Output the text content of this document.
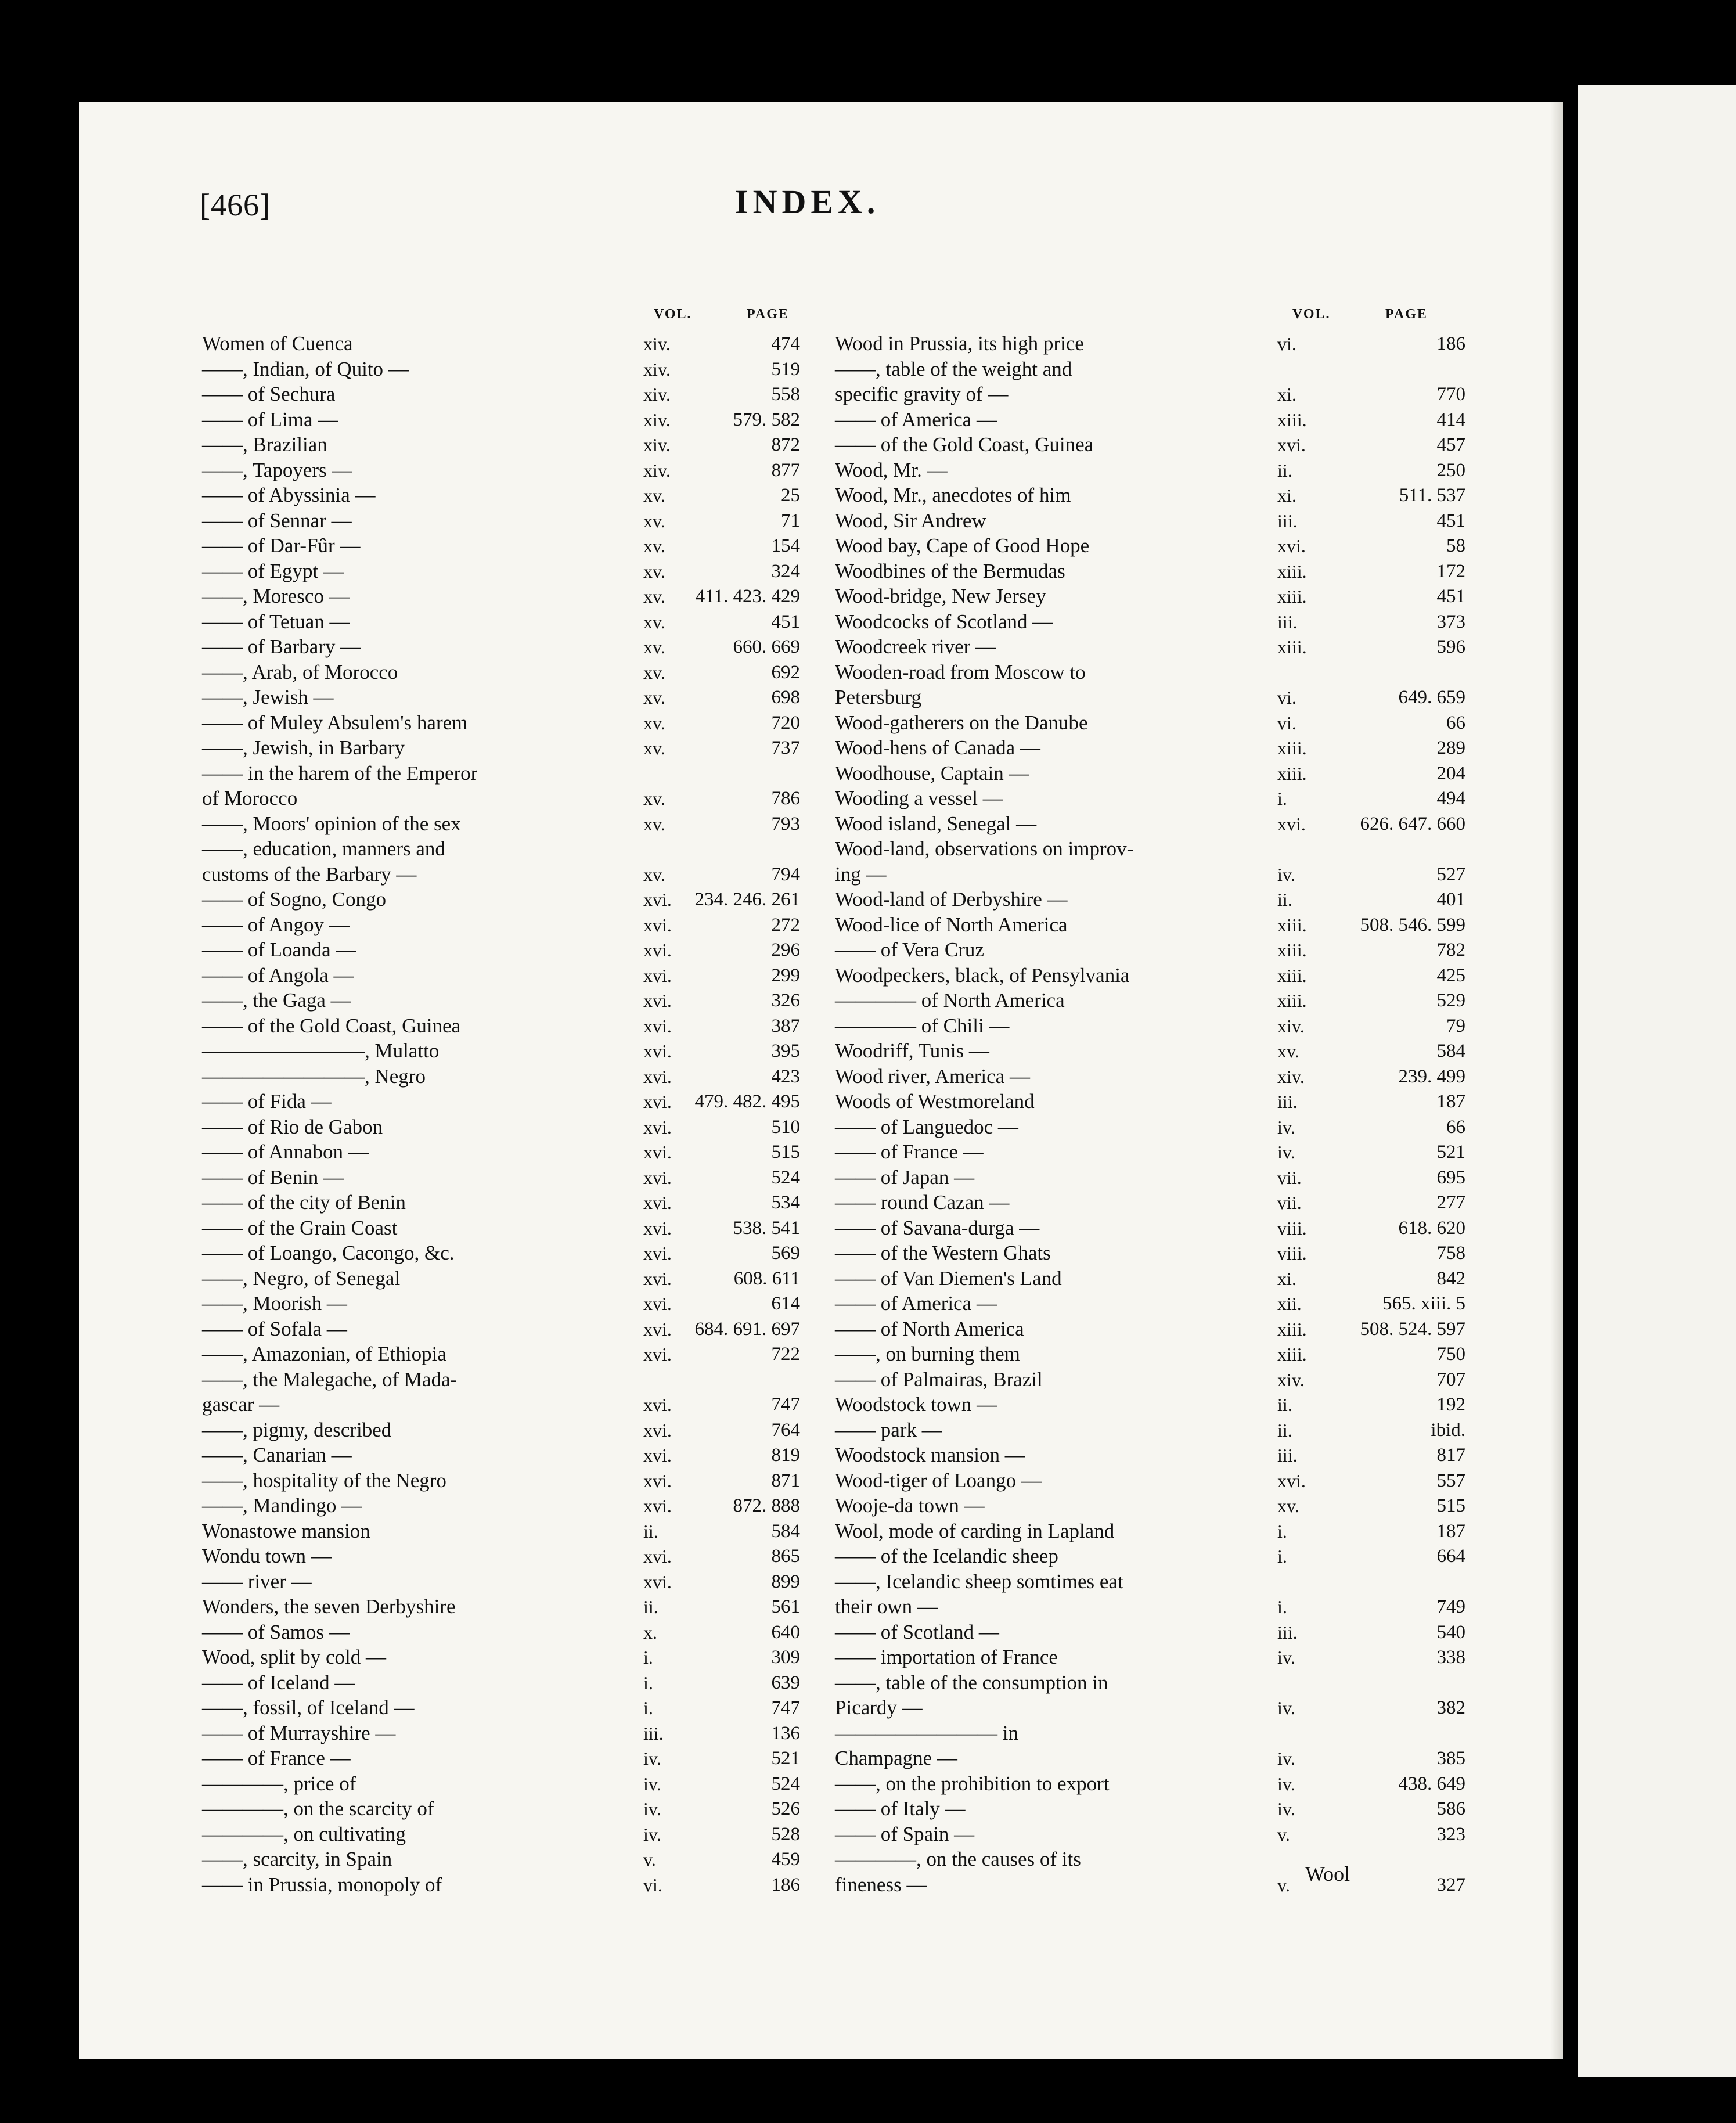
[466]	INDEX.
VOL.	PAGE
Women of Cuenca	xiv.	474
——, Indian, of Quito —	xiv.	519
—— of Sechura	xiv.	558
—— of Lima —	xiv.	579. 582
——, Brazilian	xiv.	872
——, Tapoyers —	xiv.	877
—— of Abyssinia —	xv.	25
—— of Sennar —	xv.	71
—— of Dar-Fûr —	xv.	154
—— of Egypt —	xv.	324
——, Moresco —	xv.	411. 423. 429
—— of Tetuan —	xv.	451
—— of Barbary —	xv.	660. 669
——, Arab, of Morocco	xv.	692
——, Jewish —	xv.	698
—— of Muley Absulem's harem	xv.	720
——, Jewish, in Barbary	xv.	737
—— in the harem of the Emperor
of Morocco	xv.	786
——, Moors' opinion of the sex	xv.	793
——, education, manners and
customs of the Barbary —	xv.	794
—— of Sogno, Congo	xvi.	234. 246. 261
—— of Angoy —	xvi.	272
—— of Loanda —	xvi.	296
—— of Angola —	xvi.	299
——, the Gaga —	xvi.	326
—— of the Gold Coast, Guinea	xvi.	387
————————, Mulatto	xvi.	395
————————, Negro	xvi.	423
—— of Fida —	xvi.	479. 482. 495
—— of Rio de Gabon	xvi.	510
—— of Annabon —	xvi.	515
—— of Benin —	xvi.	524
—— of the city of Benin	xvi.	534
—— of the Grain Coast	xvi.	538. 541
—— of Loango, Cacongo, &c.	xvi.	569
——, Negro, of Senegal	xvi.	608. 611
——, Moorish —	xvi.	614
—— of Sofala —	xvi.	684. 691. 697
——, Amazonian, of Ethiopia	xvi.	722
——, the Malegache, of Mada-
gascar —	xvi.	747
——, pigmy, described	xvi.	764
——, Canarian —	xvi.	819
——, hospitality of the Negro	xvi.	871
——, Mandingo —	xvi.	872. 888
Wonastowe mansion	ii.	584
Wondu town —	xvi.	865
—— river —	xvi.	899
Wonders, the seven Derbyshire	ii.	561
—— of Samos —	x.	640
Wood, split by cold —	i.	309
—— of Iceland —	i.	639
——, fossil, of Iceland —	i.	747
—— of Murrayshire —	iii.	136
—— of France —	iv.	521
————, price of	iv.	524
————, on the scarcity of	iv.	526
————, on cultivating	iv.	528
——, scarcity, in Spain	v.	459
—— in Prussia, monopoly of	vi.	186
VOL.	PAGE
Wood in Prussia, its high price	vi.	186
——, table of the weight and
specific gravity of —	xi.	770
—— of America —	xiii.	414
—— of the Gold Coast, Guinea	xvi.	457
Wood, Mr. —	ii.	250
Wood, Mr., anecdotes of him	xi.	511. 537
Wood, Sir Andrew	iii.	451
Wood bay, Cape of Good Hope	xvi.	58
Woodbines of the Bermudas	xiii.	172
Wood-bridge, New Jersey	xiii.	451
Woodcocks of Scotland —	iii.	373
Woodcreek river —	xiii.	596
Wooden-road from Moscow to
Petersburg	vi.	649. 659
Wood-gatherers on the Danube	vi.	66
Wood-hens of Canada —	xiii.	289
Woodhouse, Captain —	xiii.	204
Wooding a vessel —	i.	494
Wood island, Senegal —	xvi.	626. 647. 660
Wood-land, observations on improv-
ing —	iv.	527
Wood-land of Derbyshire —	ii.	401
Wood-lice of North America	xiii.	508. 546. 599
—— of Vera Cruz	xiii.	782
Woodpeckers, black, of Pensylvania	xiii.	425
———— of North America	xiii.	529
———— of Chili —	xiv.	79
Woodriff, Tunis —	xv.	584
Wood river, America —	xiv.	239. 499
Woods of Westmoreland	iii.	187
—— of Languedoc —	iv.	66
—— of France —	iv.	521
—— of Japan —	vii.	695
—— round Cazan —	vii.	277
—— of Savana-durga —	viii.	618. 620
—— of the Western Ghats	viii.	758
—— of Van Diemen's Land	xi.	842
—— of America —	xii.	565. xiii. 5
—— of North America	xiii.	508. 524. 597
——, on burning them	xiii.	750
—— of Palmairas, Brazil	xiv.	707
Woodstock town —	ii.	192
—— park —	ii.	ibid.
Woodstock mansion —	iii.	817
Wood-tiger of Loango —	xvi.	557
Wooje-da town —	xv.	515
Wool, mode of carding in Lapland	i.	187
—— of the Icelandic sheep	i.	664
——, Icelandic sheep somtimes eat
their own —	i.	749
—— of Scotland —	iii.	540
—— importation of France	iv.	338
——, table of the consumption in
Picardy —	iv.	382
———————— in
Champagne —	iv.	385
——, on the prohibition to export	iv.	438. 649
—— of Italy —	iv.	586
—— of Spain —	v.	323
————, on the causes of its
fineness —	v.	327
Wool
